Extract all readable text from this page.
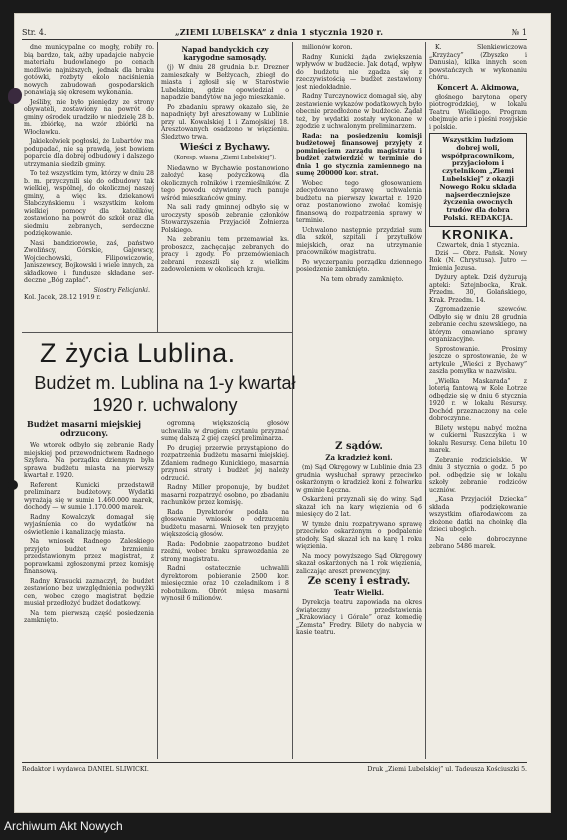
Str. 4.	„ZIEMI LUBELSKA” z dnia 1 stycznia 1920 r.	№ 1

dne municypalne co mogły, robiły ro. bią bardzo, tak, ażby upadajcie nabycie materiału budowlanego po cenach możliwie najniższych, jednak dla braku gotówki, rozbyty ekolo naciśnienia nowych zabudowań gospodarskich ponawiają się okresem wykonania.

Jeśliby, nie było pieniędzy ze strony obywateli, zostawiony na powrót do gminy ośrodek uradziło w niedzielę 28 b. m. zbiórkę, na wzór zbiórki na Włocławku.

Jakiekolwiek pogłoski, że Lubartów ma podupadać, nie są prawdą, jest bowiem poparcie dla dobrej odbudowy i dalszego utrzymania siedzib gminy.

To też wszystkim tym, którzy w dniu 28 b. m. przyczynili się do odbudowy tak wielkiej, wspólnej, do okolicznej naszej gminy, a więc ks. dziekanowi Słabczyńskiemu i wszystkim kołom wielkiej pomocy dla katolików, zostawiono na powrót do szkół oraz dla siedmiu zebranych, serdeczne podziękowanie.

Nasi bandziorowie, zaś, państwo Zwolińscy, Górskie, Gajewscy, Wojciechowski, Filipowiczowie, Janiszewscy, Bojkowski i wiele innych, za składkowe i fundusze składane ser- deczne „Bóg zapłać”.

Siostry Felicjanki.
Kol. Jacek, 28.12 1919 r.
Napad bandyckich czy karygodne samosądy.

(j) W dniu 28 grudnia b.r. Drezner zamieszkały w Bełżycach, zbiegł do miasta i zgłosił się w Starostwie Lubelskim, gdzie opowiedział o napadzie bandytów na jego mieszkanie.

Po zbadaniu sprawy okazało się, że napadnięty był aresztowany w Lublinie przy ul. Kowalskiej 1 i Zamojskiej 18. Aresztowanych osadzono w więzieniu. Śledztwo trwa.

Wieści z Bychawy.
(Koresp. własna „Ziemi Lubelskiej”).

Niedawno w Bychawie postanowiono założyć kasę pożyczkową dla okolicznych rolników i rzemieślników. Z tego powodu ożywiony ruch panuje wśród mieszkańców gminy.

Na sali rady gminnej odbyło się w uroczysty sposób zebranie członków Stowarzyszenia Przyjaciół Żołnierza Polskiego.

Na zebraniu tem przemawiał ks. proboszcz, zachęcając zebranych do pracy i zgody. Po przemówieniach zebrani rozeszli się z wielkim zadowoleniem w okolicach kraju.

Z życia Lublina.
Budżet m. Lublina na 1-y kwartał 1920 r. uchwalony

milionów koron.

Radny Kunicki żąda zwiększenia wpływów w budżecie. Jak dotąd, wpływ do budżetu nie zgadza się z rzeczywistością — budżet zestawiony jest niedokładnie.

Radny Turczynowicz domagał się, aby zestawienie wykazów podatkowych było obecnie przedłożone w budżecie. Żądał też, by wydatki zostały wykonane w zgodzie z uchwalonym preliminarzem.

Rada: na posiedzeniu komisji budżetowej finansowej przyjęty z pominięciem zarządu magistratu i budżet zatwierdzić w terminie do dnia 1 go stycznia zamiennego na sumę 200000 kor. strat.

Wobec tego głosowaniem zdecydowano sprawę uchwalenia budżetu na pierwszy kwartał r. 1920 oraz postanowiono zwołać komisję finansową do rozpatrzenia sprawy w terminie.

Uchwalono następnie przydział sum dla szkół, szpitali i przytułków miejskich, oraz na utrzymanie pracowników magistratu.

Po wyczerpaniu porządku dziennego posiedzenie zamknięto.

Na tem obrady zamknięto.

Budżet masarni miejskiej odrzucony.

We wtorek odbyło się zebranie Rady miejskiej pod przewodnictwem Radnego Szyfera. Na porządku dziennym była sprawa budżetu miasta na pierwszy kwartał r. 1920.

Referent Kunicki przedstawił preliminarz budżetowy. Wydatki wyrażają się w sumie 1.460.000 marek, dochody — w sumie 1.170.000 marek.

Radny Kowalczyk domagał się wyjaśnienia co do wydatków na oświetlenie i kanalizację miasta.

Na wniosek Radnego Zaleskiego przyjęto budżet w brzmieniu przedstawionym przez magistrat, z poprawkami zgłoszonymi przez komisję finansową.

Radny Krasucki zaznaczył, że budżet zestawiono bez uwzględnienia podwyżki cen, wobec czego magistrat będzie musiał przedłożyć budżet dodatkowy.

Na tem pierwszą część posiedzenia zamknięto.

ogromną większością głosów uchwaliła w drugiem czytaniu przyznać sumę dalszą 2 giej części preliminarza.

Po drugiej przerwie przystąpiono do rozpatrzenia budżetu masarni miejskiej. Zdaniem radnego Kunickiego, masarnia przynosi straty i budżet jej należy odrzucić.

Radny Miller proponuje, by budżet masarni rozpatrzyć osobno, po zbadaniu rachunków przez komisję.

Rada Dyrektorów podała na głosowanie wniosek o odrzuceniu budżetu masarni. Wniosek ten przyjęto większością głosów.

Rada: Podobnie zaopatrzono budżet rzeźni, wobec braku sprawozdania ze strony magistratu.

Radni ostatecznie uchwalili dyrektorom pobieranie 2500 kor. miesięcznie oraz 10 czeladnikom i 8 robotnikom. Obrót mięsa masarni wynosił 6 milionów.

Z sądów.
Za kradzież koni.

(m) Sąd Okręgowy w Lublinie dnia 23 grudnia wysłuchał sprawy przeciwko oskarżonym o kradzież koni z folwarku w gminie Łęczna.

Oskarżeni przyznali się do winy. Sąd skazał ich na kary więzienia od 6 miesięcy do 2 lat.

W tymże dniu rozpatrywano sprawę przeciwko oskarżonym o podpalenie stodoły. Sąd skazał ich na karę 1 roku więzienia.

Na mocy powyższego Sąd Okręgowy skazał oskarżonych na 1 rok więzienia, zaliczając areszt prewencyjny.

Ze sceny i estrady.
Teatr Wielki.

Dyrekcja teatru zapowiada na okres świąteczny przedstawienia „Krakowiacy i Górale” oraz komedię „Zemsta” Fredry. Bilety do nabycia w kasie teatru.

K. Slenkiewiczowa „Krzyżacy” (Zbyszko i Danusia), kilka innych scen powstańczych w wykonaniu chóru.

Koncert A. Akimowa,

głośnego barytona opery piotrogrodzkiej, w lokalu Teatru Wielkiego. Program obejmuje arie i pieśni rosyjskie i polskie.

Wszystkim ludziom dobrej woli, współpracownikom, przyjaciołom i czytelnikom „Ziemi Lubelskiej” z okazji Nowego Roku składa najserdeczniejsze życzenia owocnych trudów dla dobra Polski. REDAKCJA.
KRONIKA.
Czwartek, dnia 1 stycznia.

Dziś — Obrz. Pańsk. Nowy Rok (N. Chrystusa). Jutro — Imienia Jezusa.

Dyżury aptek. Dziś dyżurują apteki: Sztejnbocka, Krak. Przedm. 30, Golańskiego, Krak. Przedm. 14.

Zgromadzenie szewców. Odbyło się w dniu 28 grudnia zebranie cechu szewskiego, na którym omawiano sprawy organizacyjne.

Sprostowanie. Prosimy jeszcze o sprostowanie, że w artykule „Wieści z Bychawy” zaszła pomyłka w nazwisku.

„Wielka Maskarada” z loterią fantową w Kole Łotrze odbędzie się w dniu 6 stycznia 1920 r. w lokalu Resursy. Dochód przeznaczony na cele dobroczynne.

Bilety wstępu nabyć można w cukierni Ruszczyka i w lokalu Resursy. Cena biletu 10 marek.

Zebranie rodzicielskie. W dniu 3 stycznia o godz. 5 po poł. odbędzie się w lokalu szkoły zebranie rodziców uczniów.

„Kasa Przyjaciół Dziecka” składa podziękowanie wszystkim ofiarodawcom za złożone datki na choinkę dla dzieci ubogich.

Na cele dobroczynne zebrano 5486 marek.

Redaktor i wydawca DANIEL SLIWICKI.	Druk „Ziemi Lubelskiej” ul. Tadeusza Kościuszki 5.
Archiwum Akt Nowych
